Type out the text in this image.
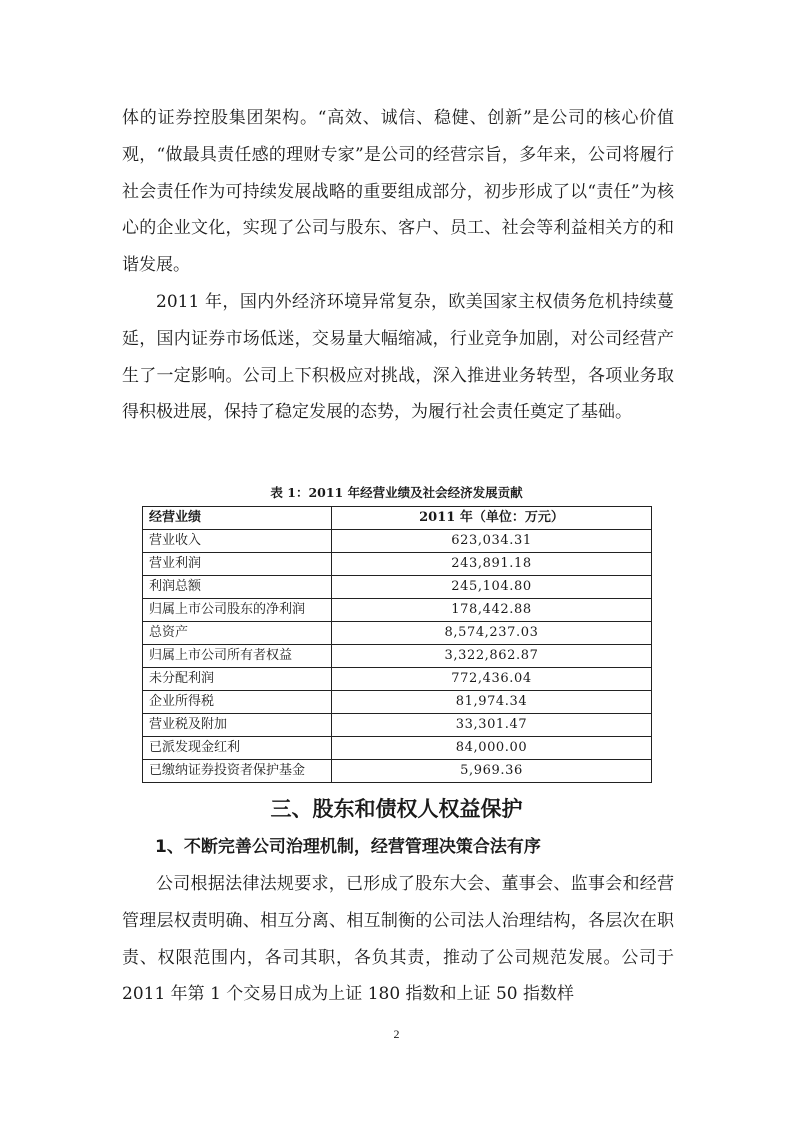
体的证券控股集团架构。“高效、诚信、稳健、创新”是公司的核心价值观，“做最具责任感的理财专家”是公司的经营宗旨，多年来，公司将履行社会责任作为可持续发展战略的重要组成部分，初步形成了以“责任”为核心的企业文化，实现了公司与股东、客户、员工、社会等利益相关方的和谐发展。

2011 年，国内外经济环境异常复杂，欧美国家主权债务危机持续蔓延，国内证券市场低迷，交易量大幅缩减，行业竞争加剧，对公司经营产生了一定影响。公司上下积极应对挑战，深入推进业务转型，各项业务取得积极进展，保持了稳定发展的态势，为履行社会责任奠定了基础。

表 1：2011 年经营业绩及社会经济发展贡献

经营业绩	2011 年（单位：万元）
营业收入	623,034.31
营业利润	243,891.18
利润总额	245,104.80
归属上市公司股东的净利润	178,442.88
总资产	8,574,237.03
归属上市公司所有者权益	3,322,862.87
未分配利润	772,436.04
企业所得税	81,974.34
营业税及附加	33,301.47
已派发现金红利	84,000.00
已缴纳证券投资者保护基金	5,969.36
三、股东和债权人权益保护
1、不断完善公司治理机制，经营管理决策合法有序

公司根据法律法规要求，已形成了股东大会、董事会、监事会和经营管理层权责明确、相互分离、相互制衡的公司法人治理结构，各层次在职责、权限范围内，各司其职，各负其责，推动了公司规范发展。公司于 2011 年第 1 个交易日成为上证 180 指数和上证 50 指数样

2
